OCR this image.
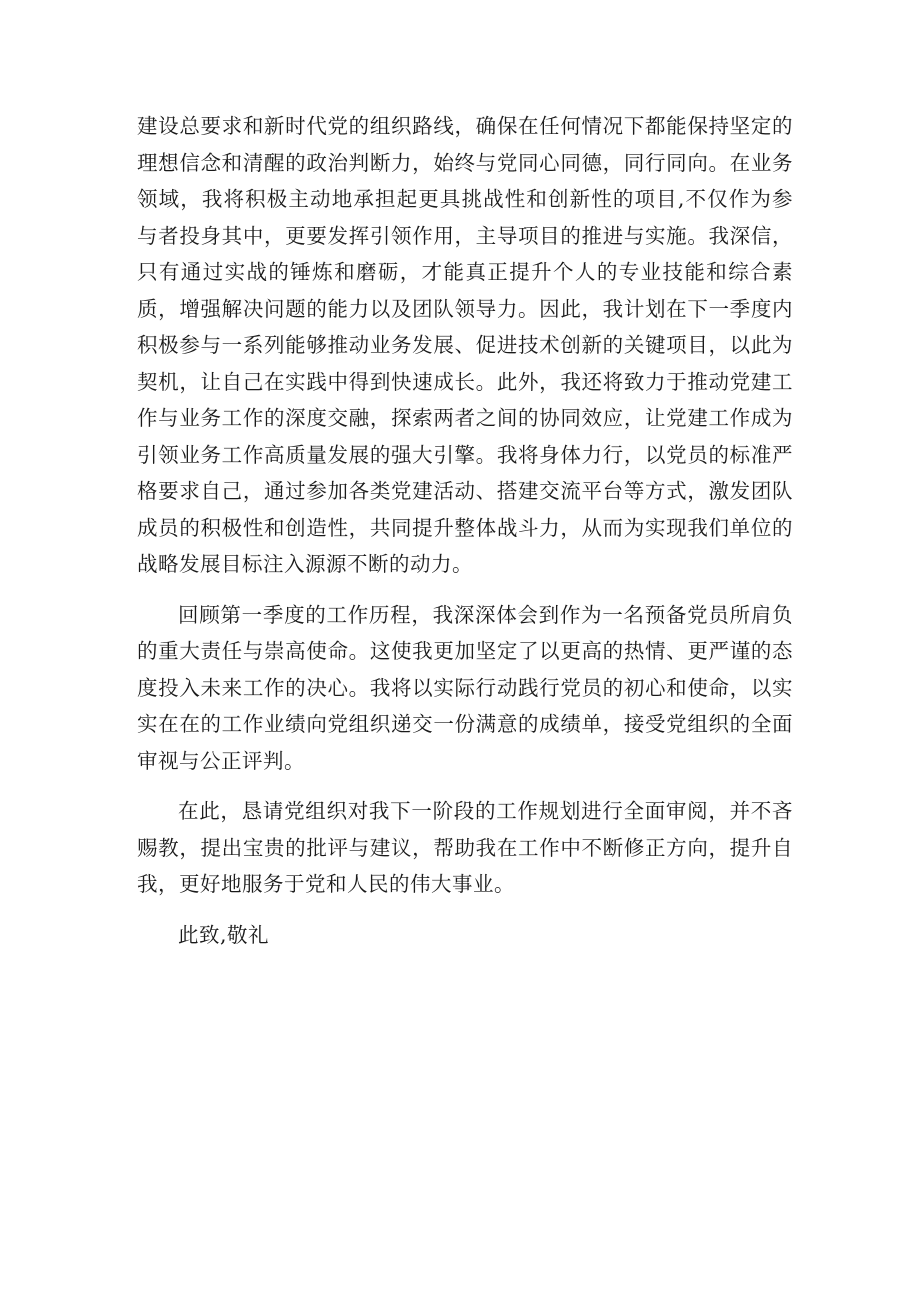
建设总要求和新时代党的组织路线，确保在任何情况下都能保持坚定的理想信念和清醒的政治判断力，始终与党同心同德，同行同向。在业务领域，我将积极主动地承担起更具挑战性和创新性的项目,不仅作为参与者投身其中，更要发挥引领作用，主导项目的推进与实施。我深信，只有通过实战的锤炼和磨砺，才能真正提升个人的专业技能和综合素质，增强解决问题的能力以及团队领导力。因此，我计划在下一季度内积极参与一系列能够推动业务发展、促进技术创新的关键项目，以此为契机，让自己在实践中得到快速成长。此外，我还将致力于推动党建工作与业务工作的深度交融，探索两者之间的协同效应，让党建工作成为引领业务工作高质量发展的强大引擎。我将身体力行，以党员的标准严格要求自己，通过参加各类党建活动、搭建交流平台等方式，激发团队成员的积极性和创造性，共同提升整体战斗力，从而为实现我们单位的战略发展目标注入源源不断的动力。

回顾第一季度的工作历程，我深深体会到作为一名预备党员所肩负的重大责任与崇高使命。这使我更加坚定了以更高的热情、更严谨的态度投入未来工作的决心。我将以实际行动践行党员的初心和使命，以实实在在的工作业绩向党组织递交一份满意的成绩单，接受党组织的全面审视与公正评判。

在此，恳请党组织对我下一阶段的工作规划进行全面审阅，并不吝赐教，提出宝贵的批评与建议，帮助我在工作中不断修正方向，提升自我，更好地服务于党和人民的伟大事业。

此致,敬礼
